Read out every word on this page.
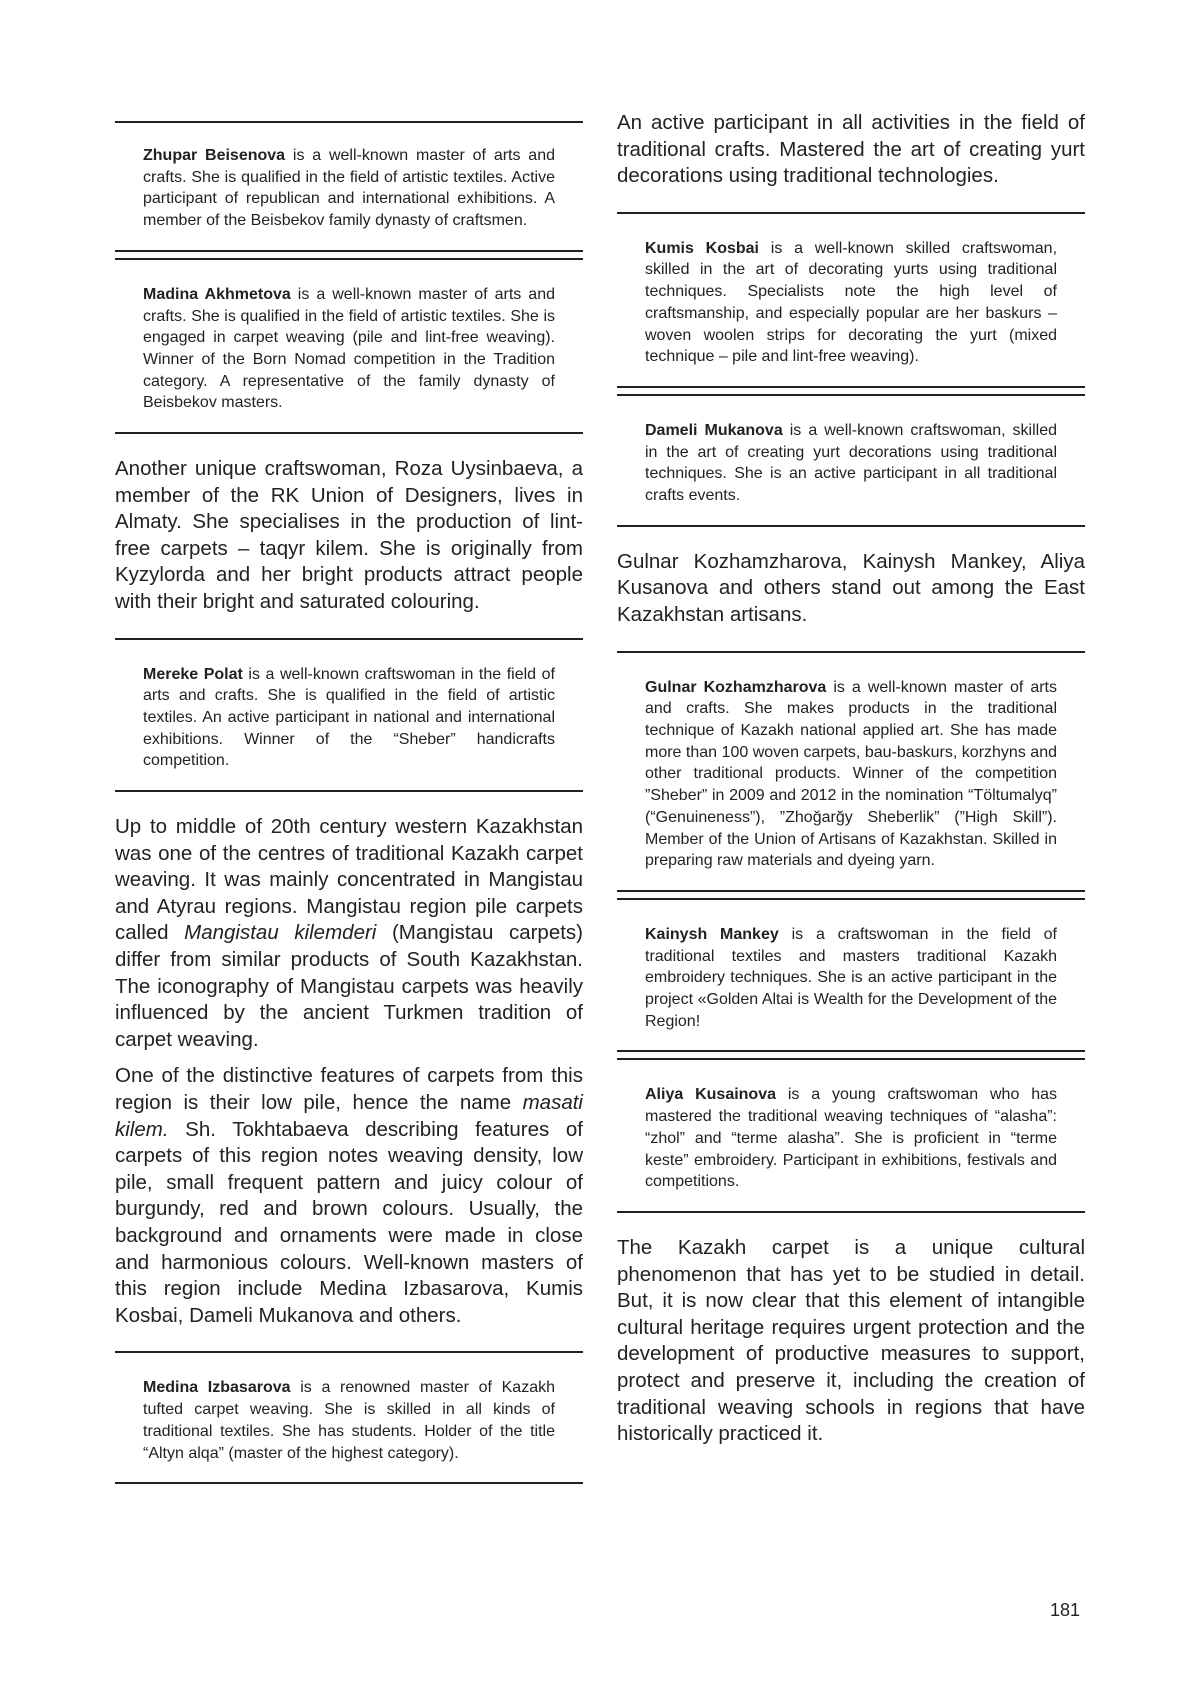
Zhupar Beisenova is a well-known master of arts and crafts. She is qualified in the field of artistic textiles. Active participant of republican and international exhibitions. A member of the Beisbekov family dynasty of craftsmen.
Madina Akhmetova is a well-known master of arts and crafts. She is qualified in the field of artistic textiles. She is engaged in carpet weaving (pile and lint-free weaving). Winner of the Born Nomad competition in the Tradition category. A representative of the family dynasty of Beisbekov masters.

Another unique craftswoman, Roza Uysinbaeva, a member of the RK Union of Designers, lives in Almaty. She specialises in the production of lint-free carpets – taqyr kilem. She is originally from Kyzylorda and her bright products attract people with their bright and saturated colouring.

Mereke Polat is a well-known craftswoman in the field of arts and crafts. She is qualified in the field of artistic textiles. An active participant in national and international exhibitions. Winner of the “Sheber” handicrafts competition.

Up to middle of 20th century western Kazakhstan was one of the centres of traditional Kazakh carpet weaving. It was mainly concentrated in Mangistau and Atyrau regions. Mangistau region pile carpets called Mangistau kilemderi (Mangistau carpets) differ from similar products of South Kazakhstan. The iconography of Mangistau carpets was heavily influenced by the ancient Turkmen tradition of carpet weaving.

One of the distinctive features of carpets from this region is their low pile, hence the name masati kilem. Sh. Tokhtabaeva describing features of carpets of this region notes weaving density, low pile, small frequent pattern and juicy colour of burgundy, red and brown colours. Usually, the background and ornaments were made in close and harmonious colours. Well-known masters of this region include Medina Izbasarova, Kumis Kosbai, Dameli Mukanova and others.

Medina Izbasarova is a renowned master of Kazakh tufted carpet weaving. She is skilled in all kinds of traditional textiles. She has students. Holder of the title “Altyn alqa” (master of the highest category).

An active participant in all activities in the field of traditional crafts. Mastered the art of creating yurt decorations using traditional technologies.

Kumis Kosbai is a well-known skilled craftswoman, skilled in the art of decorating yurts using traditional techniques. Specialists note the high level of craftsmanship, and especially popular are her baskurs – woven woolen strips for decorating the yurt (mixed technique – pile and lint-free weaving).
Dameli Mukanova is a well-known craftswoman, skilled in the art of creating yurt decorations using traditional techniques. She is an active participant in all traditional crafts events.

Gulnar Kozhamzharova, Kainysh Mankey, Aliya Kusanova and others stand out among the East Kazakhstan artisans.

Gulnar Kozhamzharova is a well-known master of arts and crafts. She makes products in the traditional technique of Kazakh national applied art. She has made more than 100 woven carpets, bau-baskurs, korzhyns and other traditional products. Winner of the competition ”Sheber” in 2009 and 2012 in the nomination “Töltumalyq” (“Genuineness”), ”Zhoğarğy Sheberlik” (”High Skill”). Member of the Union of Artisans of Kazakhstan. Skilled in preparing raw materials and dyeing yarn.
Kainysh Mankey is a craftswoman in the field of traditional textiles and masters traditional Kazakh embroidery techniques. She is an active participant in the project «Golden Altai is Wealth for the Development of the Region!
Aliya Kusainova is a young craftswoman who has mastered the traditional weaving techniques of “alasha”: “zhol” and “terme alasha”. She is proficient in “terme keste” embroidery. Participant in exhibitions, festivals and competitions.

The Kazakh carpet is a unique cultural phenomenon that has yet to be studied in detail. But, it is now clear that this element of intangible cultural heritage requires urgent protection and the development of productive measures to support, protect and preserve it, including the creation of traditional weaving schools in regions that have historically practiced it.

181
